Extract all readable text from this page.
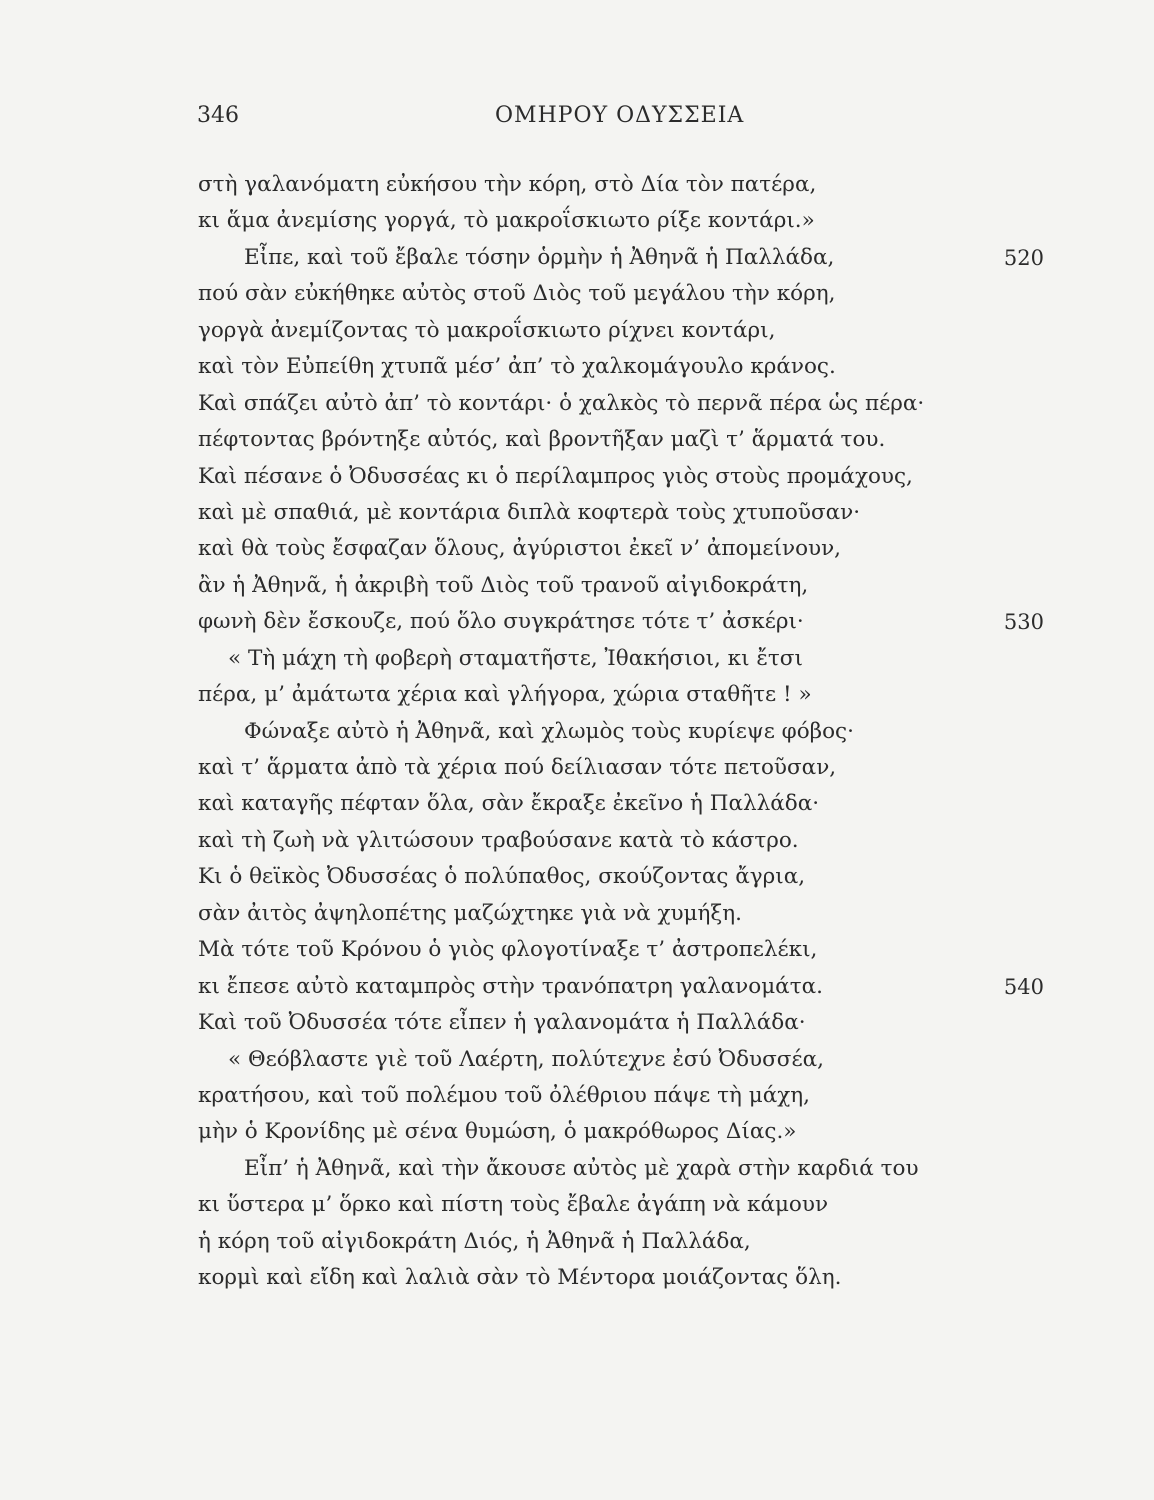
346	ΟΜΗΡΟΥ ΟΔΥΣΣΕΙΑ
στὴ γαλανόματη εὐκήσου τὴν κόρη, στὸ Δία τὸν πατέρα,
κι ἅμα ἀνεμίσης γοργά, τὸ μακροΐσκιωτο ρίξε κοντάρι.»
Εἶπε, καὶ τοῦ ἔβαλε τόσην ὁρμὴν ἡ Ἀθηνᾶ ἡ Παλλάδα,	520
πού σὰν εὐκήθηκε αὐτὸς στοῦ Διὸς τοῦ μεγάλου τὴν κόρη,
γοργὰ ἀνεμίζοντας τὸ μακροΐσκιωτο ρίχνει κοντάρι,
καὶ τὸν Εὐπείθη χτυπᾶ μέσ’ ἀπ’ τὸ χαλκομάγουλο κράνος.
Καὶ σπάζει αὐτὸ ἀπ’ τὸ κοντάρι· ὁ χαλκὸς τὸ περνᾶ πέρα ὡς πέρα·
πέφτοντας βρόντηξε αὐτός, καὶ βροντῆξαν μαζὶ τ’ ἅρματά του.
Καὶ πέσανε ὁ Ὀδυσσέας κι ὁ περίλαμπρος γιὸς στοὺς προμάχους,
καὶ μὲ σπαθιά, μὲ κοντάρια διπλὰ κοφτερὰ τοὺς χτυποῦσαν·
καὶ θὰ τοὺς ἔσφαζαν ὅλους, ἀγύριστοι ἐκεῖ ν’ ἀπομείνουν,
ἂν ἡ Ἀθηνᾶ, ἡ ἀκριβὴ τοῦ Διὸς τοῦ τρανοῦ αἰγιδοκράτη,
φωνὴ δὲν ἔσκουζε, πού ὅλο συγκράτησε τότε τ’ ἀσκέρι·	530
« Τὴ μάχη τὴ φοβερὴ σταματῆστε, Ἰθακήσιοι, κι ἔτσι
πέρα, μ’ ἀμάτωτα χέρια καὶ γλήγορα, χώρια σταθῆτε ! »
Φώναξε αὐτὸ ἡ Ἀθηνᾶ, καὶ χλωμὸς τοὺς κυρίεψε φόβος·
καὶ τ’ ἅρματα ἀπὸ τὰ χέρια πού δείλιασαν τότε πετοῦσαν,
καὶ καταγῆς πέφταν ὅλα, σὰν ἔκραξε ἐκεῖνο ἡ Παλλάδα·
καὶ τὴ ζωὴ νὰ γλιτώσουν τραβούσανε κατὰ τὸ κάστρο.
Κι ὁ θεϊκὸς Ὀδυσσέας ὁ πολύπαθος, σκούζοντας ἄγρια,
σὰν ἀιτὸς ἀψηλοπέτης μαζώχτηκε γιὰ νὰ χυμήξη.
Μὰ τότε τοῦ Κρόνου ὁ γιὸς φλογοτίναξε τ’ ἀστροπελέκι,
κι ἔπεσε αὐτὸ καταμπρὸς στὴν τρανόπατρη γαλανομάτα.	540
Καὶ τοῦ Ὀδυσσέα τότε εἶπεν ἡ γαλανομάτα ἡ Παλλάδα·
« Θεόβλαστε γιὲ τοῦ Λαέρτη, πολύτεχνε ἐσύ Ὀδυσσέα,
κρατήσου, καὶ τοῦ πολέμου τοῦ ὀλέθριου πάψε τὴ μάχη,
μὴν ὁ Κρονίδης μὲ σένα θυμώση, ὁ μακρόθωρος Δίας.»
Εἶπ’ ἡ Ἀθηνᾶ, καὶ τὴν ἄκουσε αὐτὸς μὲ χαρὰ στὴν καρδιά του
κι ὕστερα μ’ ὅρκο καὶ πίστη τοὺς ἔβαλε ἀγάπη νὰ κάμουν
ἡ κόρη τοῦ αἰγιδοκράτη Διός, ἡ Ἀθηνᾶ ἡ Παλλάδα,
κορμὶ καὶ εἴδη καὶ λαλιὰ σὰν τὸ Μέντορα μοιάζοντας ὅλη.
